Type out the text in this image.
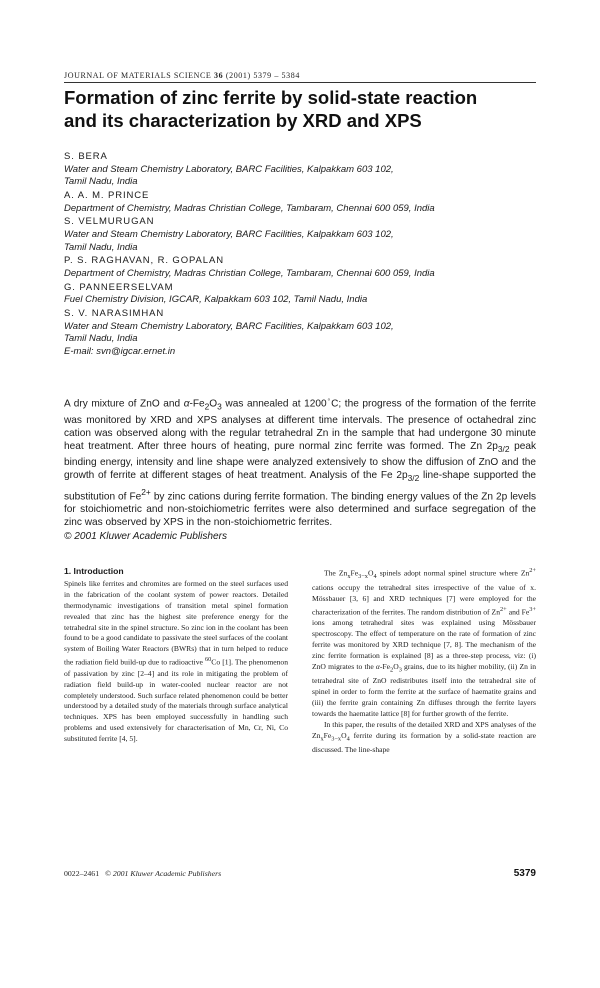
JOURNAL OF MATERIALS SCIENCE 36 (2001) 5379 – 5384
Formation of zinc ferrite by solid-state reaction
and its characterization by XRD and XPS
S. BERA
Water and Steam Chemistry Laboratory, BARC Facilities, Kalpakkam 603 102,
Tamil Nadu, India
A. A. M. PRINCE
Department of Chemistry, Madras Christian College, Tambaram, Chennai 600 059, India
S. VELMURUGAN
Water and Steam Chemistry Laboratory, BARC Facilities, Kalpakkam 603 102,
Tamil Nadu, India
P. S. RAGHAVAN, R. GOPALAN
Department of Chemistry, Madras Christian College, Tambaram, Chennai 600 059, India
G. PANNEERSELVAM
Fuel Chemistry Division, IGCAR, Kalpakkam 603 102, Tamil Nadu, India
S. V. NARASIMHAN
Water and Steam Chemistry Laboratory, BARC Facilities, Kalpakkam 603 102,
Tamil Nadu, India
E-mail: svn@igcar.ernet.in

A dry mixture of ZnO and $\alpha-Fe_2O_3$ was annealed at 1200◦C; the progress of the formation of the ferrite was monitored by XRD and XPS analyses at different time intervals. The presence of octahedral zinc cation was observed along with the regular tetrahedral Zn in the sample that had undergone 30 minute heat treatment. After three hours of heating, pure normal zinc ferrite was formed. The Zn $2p_{3/2}$ peak binding energy, intensity and line shape were analyzed extensively to show the diffusion of ZnO and the growth of ferrite at different stages of heat treatment. Analysis of the Fe $2p_{3/2}$ line-shape supported the substitution of $Fe^{2+}$ by zinc cations during ferrite formation. The binding energy values of the Zn 2p levels for stoichiometric and non-stoichiometric ferrites were also determined and surface segregation of the zinc was observed by XPS in the non-stoichiometric ferrites.
© 2001 Kluwer Academic Publishers

1. Introduction

Spinels like ferrites and chromites are formed on the steel surfaces used in the fabrication of the coolant system of power reactors. Detailed thermodynamic investigations of transition metal spinel formation revealed that zinc has the highest site preference energy for the tetrahedral site in the spinel structure. So zinc ion in the coolant has been found to be a good candidate to passivate the steel surfaces of the coolant system of Boiling Water Reactors (BWRs) that in turn helped to reduce the radiation field build-up due to radioactive $^{60}$Co [1]. The phenomenon of passivation by zinc [2–4] and its role in mitigating the problem of radiation field build-up in water-cooled nuclear reactor are not completely understood. Such surface related phenomenon could be better understood by a detailed study of the materials through surface analytical techniques. XPS has been employed successfully in handling such problems and used extensively for characterisation of Mn, Cr, Ni, Co substituted ferrite [4, 5].

The $Zn_xFe_{3-x}O_4$ spinels adopt normal spinel structure where $Zn^{2+}$ cations occupy the tetrahedral sites irrespective of the value of x. Mössbauer [3, 6] and XRD techniques [7] were employed for the characterization of the ferrites. The random distribution of $Zn^{2+}$ and $Fe^{3+}$ ions among tetrahedral sites was explained using Mössbauer spectroscopy. The effect of temperature on the rate of formation of zinc ferrite was monitored by XRD technique [7, 8]. The mechanism of the zinc ferrite formation is explained [8] as a three-step process, viz: (i) ZnO migrates to the $\alpha-Fe_2O_3$ grains, due to its higher mobility, (ii) Zn in tetrahedral site of ZnO redistributes itself into the tetrahedral site of spinel in order to form the ferrite at the surface of haematite grains and (iii) the ferrite grain containing Zn diffuses through the ferrite layers towards the haematite lattice [8] for further growth of the ferrite.

In this paper, the results of the detailed XRD and XPS analyses of the $Zn_xFe_{3-x}O_4$ ferrite during its formation by a solid-state reaction are discussed. The line-shape

0022–2461 © 2001 Kluwer Academic Publishers	5379
